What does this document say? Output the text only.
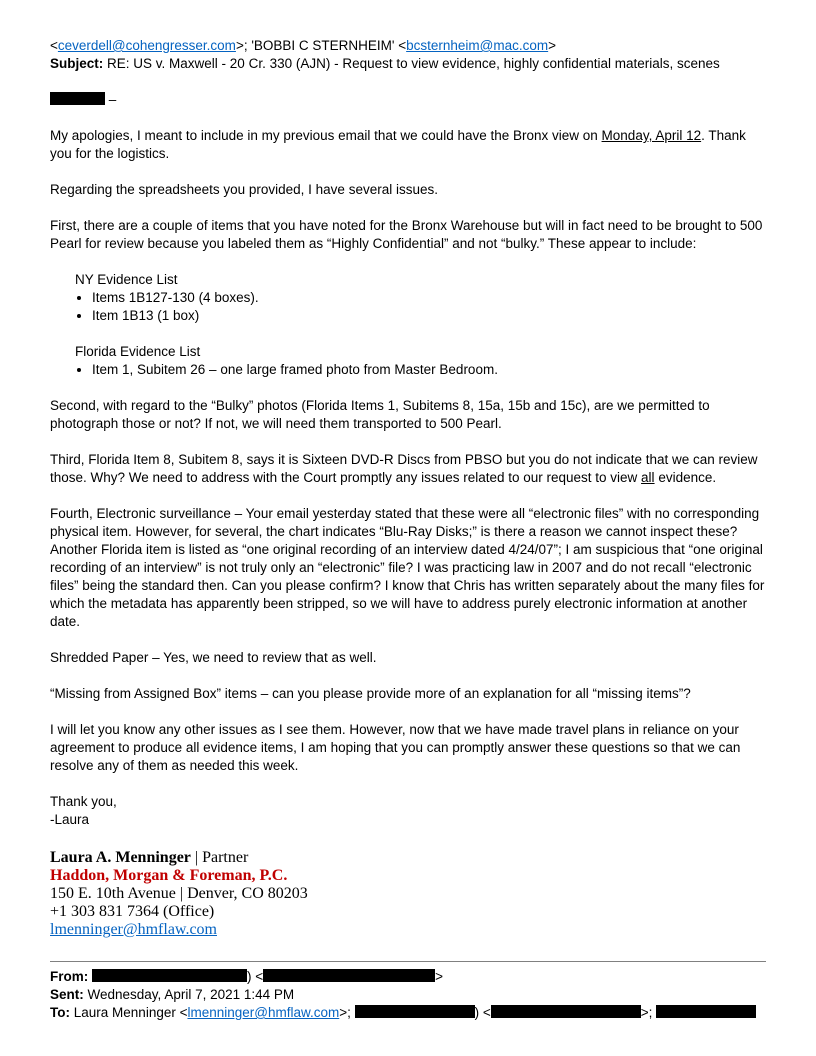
<ceverdell@cohengresser.com>; 'BOBBI C STERNHEIM' <bcsternheim@mac.com>
Subject: RE: US v. Maxwell - 20 Cr. 330 (AJN) - Request to view evidence, highly confidential materials, scenes
–

My apologies, I meant to include in my previous email that we could have the Bronx view on Monday, April 12. Thank you for the logistics.

Regarding the spreadsheets you provided, I have several issues.

First, there are a couple of items that you have noted for the Bronx Warehouse but will in fact need to be brought to 500 Pearl for review because you labeled them as “Highly Confidential” and not “bulky.” These appear to include:

NY Evidence List
• Items 1B127-130 (4 boxes).
• Item 1B13 (1 box)
Florida Evidence List
• Item 1, Subitem 26 – one large framed photo from Master Bedroom.

Second, with regard to the “Bulky” photos (Florida Items 1, Subitems 8, 15a, 15b and 15c), are we permitted to photograph those or not? If not, we will need them transported to 500 Pearl.

Third, Florida Item 8, Subitem 8, says it is Sixteen DVD-R Discs from PBSO but you do not indicate that we can review those. Why? We need to address with the Court promptly any issues related to our request to view all evidence.

Fourth, Electronic surveillance – Your email yesterday stated that these were all “electronic files” with no corresponding physical item. However, for several, the chart indicates “Blu-Ray Disks;” is there a reason we cannot inspect these? Another Florida item is listed as “one original recording of an interview dated 4/24/07”; I am suspicious that “one original recording of an interview” is not truly only an “electronic” file? I was practicing law in 2007 and do not recall “electronic files” being the standard then. Can you please confirm? I know that Chris has written separately about the many files for which the metadata has apparently been stripped, so we will have to address purely electronic information at another date.

Shredded Paper – Yes, we need to review that as well.

“Missing from Assigned Box” items – can you please provide more of an explanation for all “missing items”?

I will let you know any other issues as I see them. However, now that we have made travel plans in reliance on your agreement to produce all evidence items, I am hoping that you can promptly answer these questions so that we can resolve any of them as needed this week.

Thank you,
-Laura

Laura A. Menninger | Partner
Haddon, Morgan & Foreman, P.C.
150 E. 10th Avenue | Denver, CO 80203
+1 303 831 7364 (Office)
lmenninger@hmflaw.com
From:	) <	>
Sent: Wednesday, April 7, 2021 1:44 PM
To: Laura Menninger <lmenninger@hmflaw.com>;	) <	>;
